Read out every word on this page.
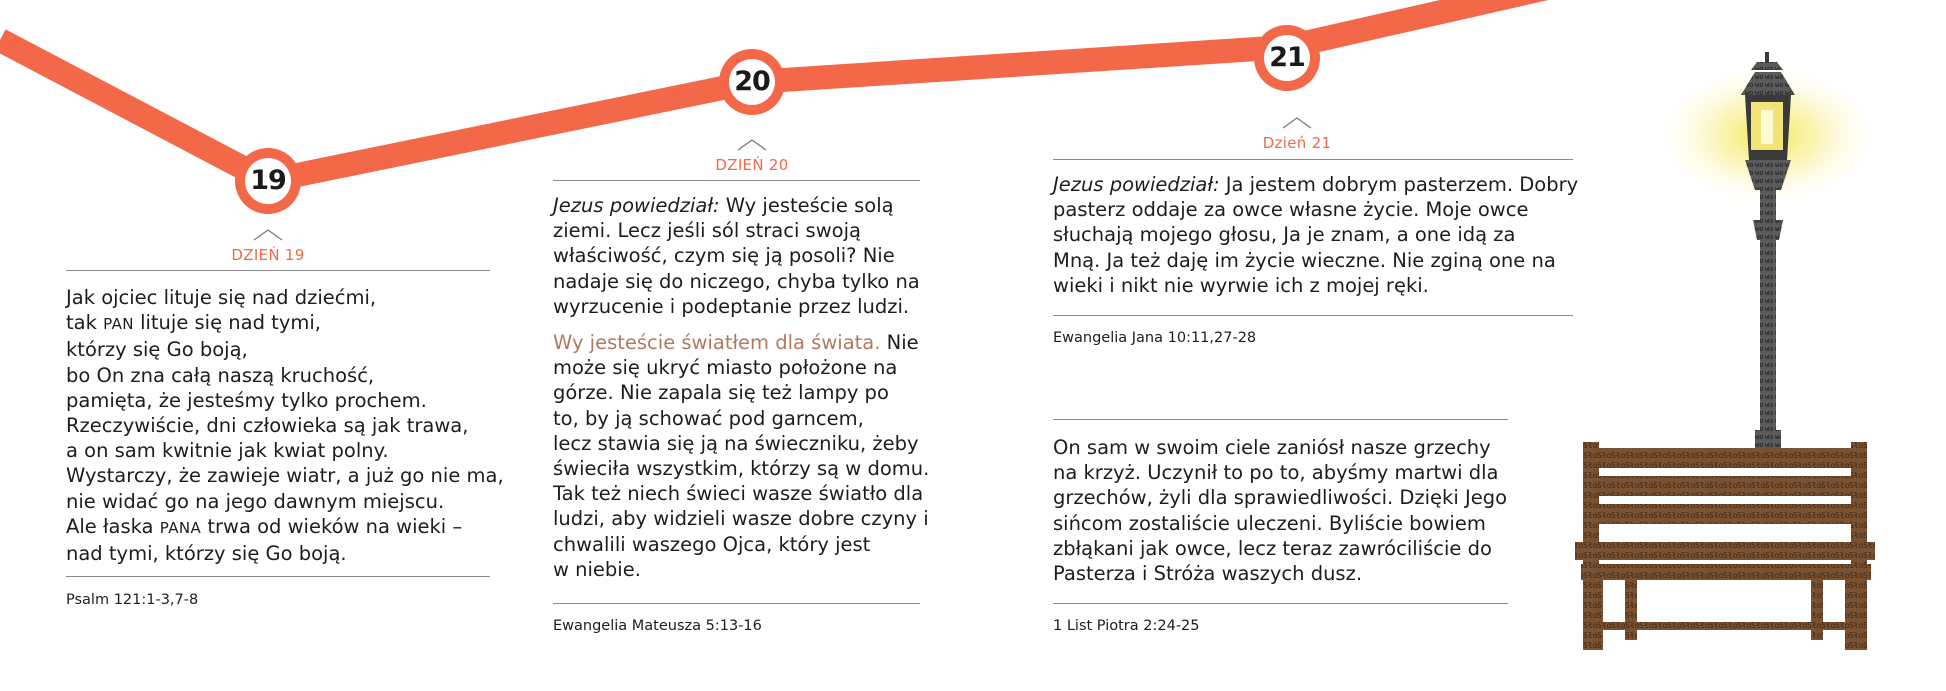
19
20
21
DZIEŃ 19
Jak ojciec lituje się nad dziećmi,
tak PAN lituje się nad tymi,
którzy się Go boją,
bo On zna całą naszą kruchość,
pamięta, że jesteśmy tylko prochem.
Rzeczywiście, dni człowieka są jak trawa,
a on sam kwitnie jak kwiat polny.
Wystarczy, że zawieje wiatr, a już go nie ma,
nie widać go na jego dawnym miejscu.
Ale łaska PANA trwa od wieków na wieki –
nad tymi, którzy się Go boją.
Psalm 121:1-3,7-8
DZIEŃ 20
Jezus powiedział: Wy jesteście solą
ziemi. Lecz jeśli sól straci swoją
właściwość, czym się ją posoli? Nie
nadaje się do niczego, chyba tylko na
wyrzucenie i podeptanie przez ludzi.

Wy jesteście światłem dla świata. Nie
może się ukryć miasto położone na
górze. Nie zapala się też lampy po
to, by ją schować pod garncem,
lecz stawia się ją na świeczniku, żeby
świeciła wszystkim, którzy są w domu.
Tak też niech świeci wasze światło dla
ludzi, aby widzieli wasze dobre czyny i
chwalili waszego Ojca, który jest
w niebie.
Ewangelia Mateusza 5:13-16
Dzień 21
Jezus powiedział: Ja jestem dobrym pasterzem. Dobry
pasterz oddaje za owce własne życie. Moje owce
słuchają mojego głosu, Ja je znam, a one idą za
Mną. Ja też daję im życie wieczne. Nie zginą one na
wieki i nikt nie wyrwie ich z mojej ręki.
Ewangelia Jana 10:11,27-28
On sam w swoim ciele zaniósł nasze grzechy
na krzyż. Uczynił to po to, abyśmy martwi dla
grzechów, żyli dla sprawiedliwości. Dzięki Jego
sińcom zostaliście uleczeni. Byliście bowiem
zbłąkani jak owce, lecz teraz zawróciliście do
Pasterza i Stróża waszych dusz.
1 List Piotra 2:24-25
